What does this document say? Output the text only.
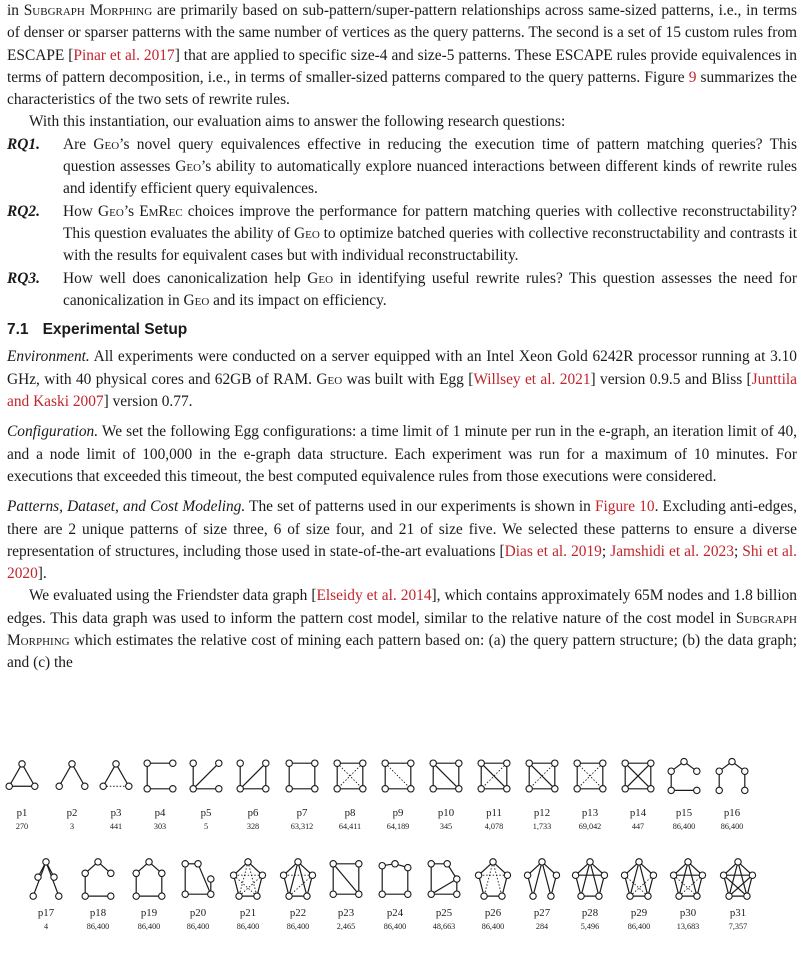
in Subgraph Morphing are primarily based on sub-pattern/super-pattern relationships across same-sized patterns, i.e., in terms of denser or sparser patterns with the same number of vertices as the query patterns. The second is a set of 15 custom rules from ESCAPE [Pinar et al. 2017] that are applied to specific size-4 and size-5 patterns. These ESCAPE rules provide equivalences in terms of pattern decomposition, i.e., in terms of smaller-sized patterns compared to the query patterns. Figure 9 summarizes the characteristics of the two sets of rewrite rules.

With this instantiation, our evaluation aims to answer the following research questions:

RQ1. Are Geo’s novel query equivalences effective in reducing the execution time of pattern matching queries? This question assesses Geo’s ability to automatically explore nuanced interactions between different kinds of rewrite rules and identify efficient query equivalences.
RQ2. How Geo’s EmRec choices improve the performance for pattern matching queries with collective reconstructability? This question evaluates the ability of Geo to optimize batched queries with collective reconstructability and contrasts it with the results for equivalent cases but with individual reconstructability.
RQ3. How well does canonicalization help Geo in identifying useful rewrite rules? This question assesses the need for canonicalization in Geo and its impact on efficiency.
7.1 Experimental Setup

Environment. All experiments were conducted on a server equipped with an Intel Xeon Gold 6242R processor running at 3.10 GHz, with 40 physical cores and 62GB of RAM. Geo was built with Egg [Willsey et al. 2021] version 0.9.5 and Bliss [Junttila and Kaski 2007] version 0.77.

Configuration. We set the following Egg configurations: a time limit of 1 minute per run in the e-graph, an iteration limit of 40, and a node limit of 100,000 in the e-graph data structure. Each experiment was run for a maximum of 10 minutes. For executions that exceeded this timeout, the best computed equivalence rules from those executions were considered.

Patterns, Dataset, and Cost Modeling. The set of patterns used in our experiments is shown in Figure 10. Excluding anti-edges, there are 2 unique patterns of size three, 6 of size four, and 21 of size five. We selected these patterns to ensure a diverse representation of structures, including those used in state-of-the-art evaluations [Dias et al. 2019; Jamshidi et al. 2023; Shi et al. 2020].

We evaluated using the Friendster data graph [Elseidy et al. 2014], which contains approximately 65M nodes and 1.8 billion edges. This data graph was used to inform the pattern cost model, similar to the relative nature of the cost model in Subgraph Morphing which estimates the relative cost of mining each pattern based on: (a) the query pattern structure; (b) the data graph; and (c) the

p1
270
p2
3
p3
441
p4
303
p5
5
p6
328
p7
63,312
p8
64,411
p9
64,189
p10
345
p11
4,078
p12
1,733
p13
69,042
p14
447
p15
86,400
p16
86,400
p17
4
p18
86,400
p19
86,400
p20
86,400
p21
86,400
p22
86,400
p23
2,465
p24
86,400
p25
48,663
p26
86,400
p27
284
p28
5,496
p29
86,400
p30
13,683
p31
7,357
